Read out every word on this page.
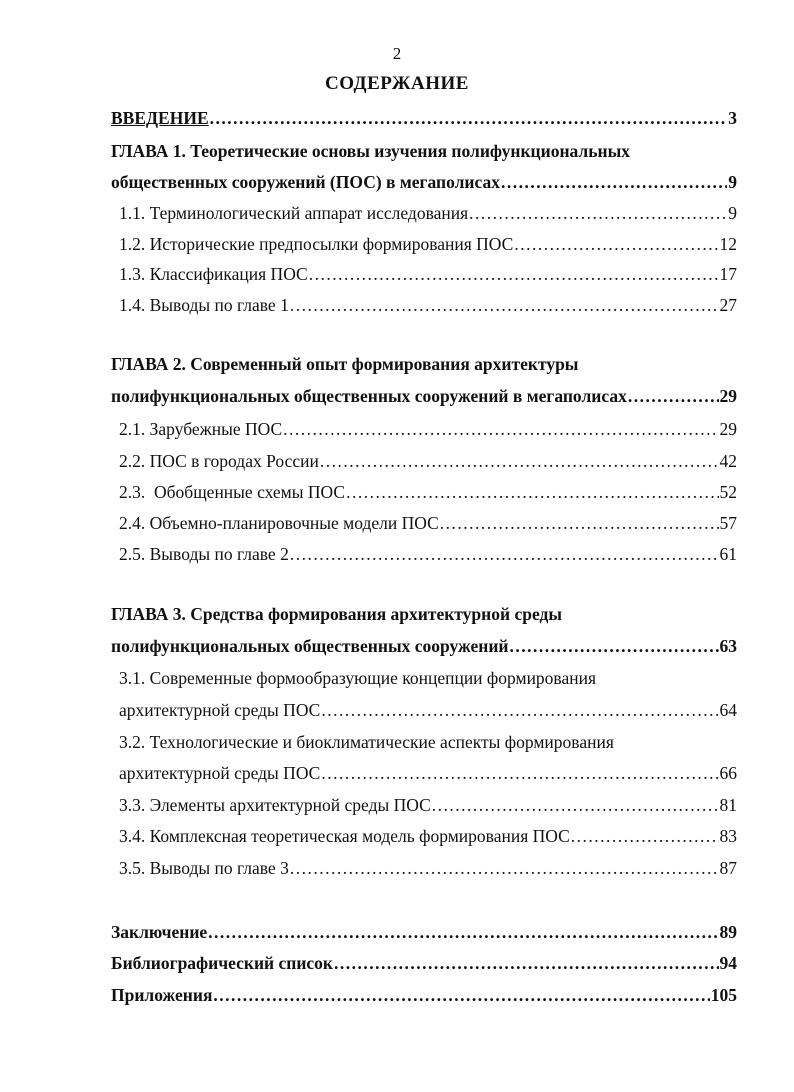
2
СОДЕРЖАНИЕ
ВВЕДЕНИЕ .....	3
ГЛАВА 1. Теоретические основы изучения полифункциональных
общественных сооружений (ПОС) в мегаполисах .....	9
1.1. Терминологический аппарат исследования .....	9
1.2. Исторические предпосылки формирования ПОС .....	12
1.3. Классификация ПОС .....	17
1.4. Выводы по главе 1 .....	27
ГЛАВА 2. Современный опыт формирования архитектуры
полифункциональных общественных сооружений в мегаполисах .....	29
2.1. Зарубежные ПОС .....	29
2.2. ПОС в городах России .....	42
2.3.  Обобщенные схемы ПОС .....	52
2.4. Объемно-планировочные модели ПОС .....	57
2.5. Выводы по главе 2 .....	61
ГЛАВА 3. Средства формирования архитектурной среды
полифункциональных общественных сооружений .....	63
3.1. Современные формообразующие концепции формирования
архитектурной среды ПОС .....	64
3.2. Технологические и биоклиматические аспекты формирования
архитектурной среды ПОС .....	66
3.3. Элементы архитектурной среды ПОС .....	81
3.4. Комплексная теоретическая модель формирования ПОС .....	83
3.5. Выводы по главе 3 .....	87
Заключение .....	89
Библиографический список .....	94
Приложения .....	105
